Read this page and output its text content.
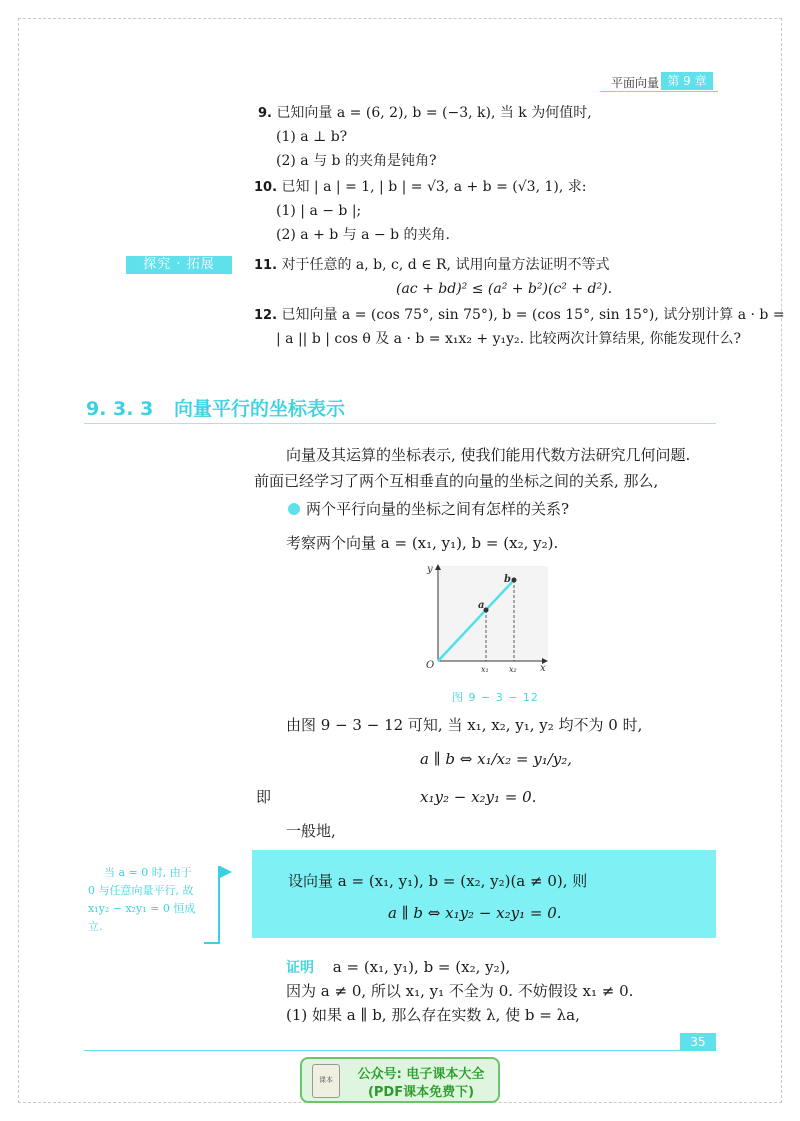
平面向量 第 9 章
9. 已知向量 a = (6, 2), b = (−3, k), 当 k 为何值时,
(1) a ⊥ b?
(2) a 与 b 的夹角是钝角?
10. 已知 | a | = 1, | b | = √3, a + b = (√3, 1), 求:
(1) | a − b |;
(2) a + b 与 a − b 的夹角.
探究 · 拓展	11. 对于任意的 a, b, c, d ∈ R, 试用向量方法证明不等式
(ac + bd)² ≤ (a² + b²)(c² + d²).
12. 已知向量 a = (cos 75°, sin 75°), b = (cos 15°, sin 15°), 试分别计算 a · b =
| a || b | cos θ 及 a · b = x₁x₂ + y₁y₂. 比较两次计算结果, 你能发现什么?
9. 3. 3 向量平行的坐标表示
向量及其运算的坐标表示, 使我们能用代数方法研究几何问题.
前面已经学习了两个互相垂直的向量的坐标之间的关系, 那么,
两个平行向量的坐标之间有怎样的关系?
考察两个向量 a = (x₁, y₁), b = (x₂, y₂).
y
x
O
a
b
x₁	x₂
图 9 − 3 − 12
由图 9 − 3 − 12 可知, 当 x₁, x₂, y₁, y₂ 均不为 0 时,
a ∥ b ⇔ x₁/x₂ = y₁/y₂,
即	x₁y₂ − x₂y₁ = 0.
一般地,
当 a = 0 时, 由于
0 与任意向量平行, 故
x₁y₂ − x₂y₁ = 0 恒成
立.
设向量 a = (x₁, y₁), b = (x₂, y₂)(a ≠ 0), 则
a ∥ b ⇔ x₁y₂ − x₂y₁ = 0.
证明 a = (x₁, y₁), b = (x₂, y₂),
因为 a ≠ 0, 所以 x₁, y₁ 不全为 0. 不妨假设 x₁ ≠ 0.
(1) 如果 a ∥ b, 那么存在实数 λ, 使 b = λa,
35
课本	公众号: 电子课本大全
(PDF课本免费下)
